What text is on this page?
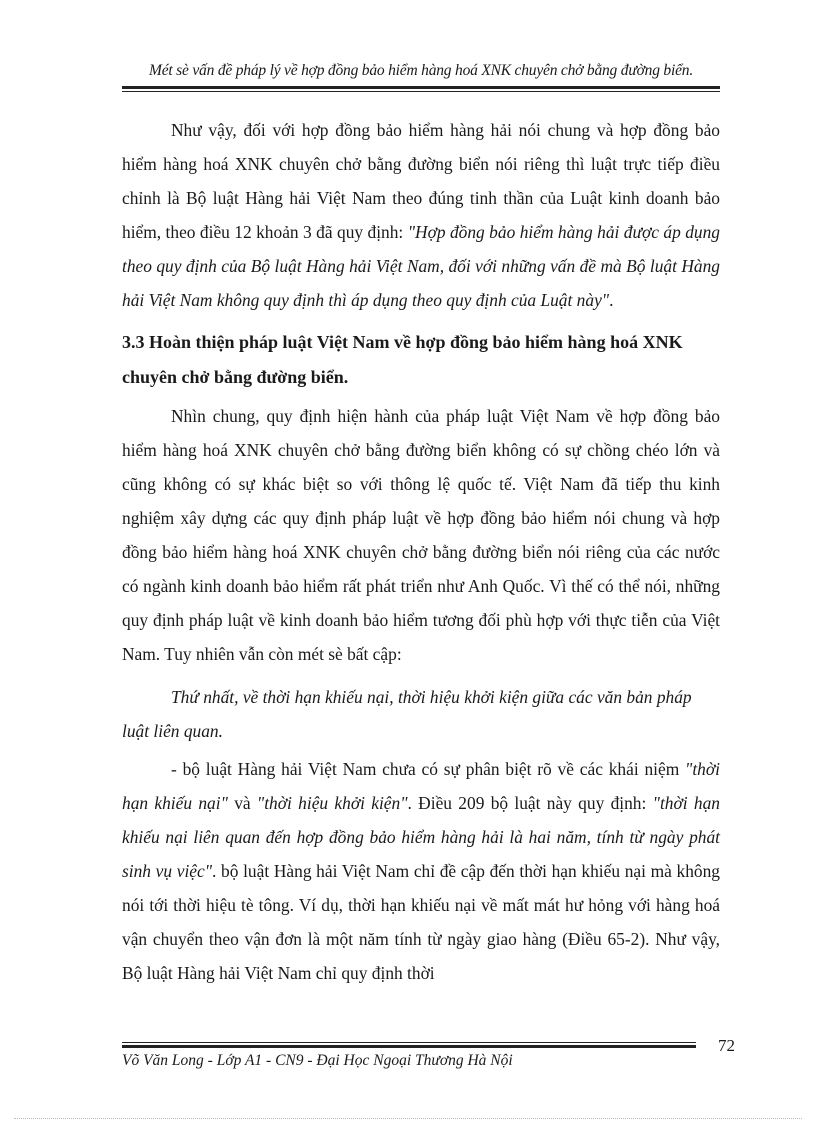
Mét sè vấn đề pháp lý về hợp đồng bảo hiểm hàng hoá XNK chuyên chở bằng đường biển.

Như vậy, đối với hợp đồng bảo hiểm hàng hải nói chung và hợp đồng bảo hiểm hàng hoá XNK chuyên chở bằng đường biển nói riêng thì luật trực tiếp điều chỉnh là Bộ luật Hàng hải Việt Nam theo đúng tinh thần của Luật kinh doanh bảo hiểm, theo điều 12 khoản 3 đã quy định: "Hợp đồng bảo hiểm hàng hải được áp dụng theo quy định của Bộ luật Hàng hải Việt Nam, đối với những vấn đề mà Bộ luật Hàng hải Việt Nam không quy định thì áp dụng theo quy định của Luật này".

3.3 Hoàn thiện pháp luật Việt Nam về hợp đồng bảo hiểm hàng hoá XNK chuyên chở bằng đường biển.

Nhìn chung, quy định hiện hành của pháp luật Việt Nam về hợp đồng bảo hiểm hàng hoá XNK chuyên chở bằng đường biển không có sự chồng chéo lớn và cũng không có sự khác biệt so với thông lệ quốc tế. Việt Nam đã tiếp thu kinh nghiệm xây dựng các quy định pháp luật về hợp đồng bảo hiểm nói chung và hợp đồng bảo hiểm hàng hoá XNK chuyên chở bằng đường biển nói riêng của các nước có ngành kinh doanh bảo hiểm rất phát triển như Anh Quốc. Vì thế có thể nói, những quy định pháp luật về kinh doanh bảo hiểm tương đối phù hợp với thực tiễn của Việt Nam. Tuy nhiên vẫn còn mét sè bất cập:

Thứ nhất, về thời hạn khiếu nại, thời hiệu khởi kiện giữa các văn bản pháp luật liên quan.

- bộ luật Hàng hải Việt Nam chưa có sự phân biệt rõ về các khái niệm "thời hạn khiếu nại" và "thời hiệu khởi kiện". Điều 209 bộ luật này quy định: "thời hạn khiếu nại liên quan đến hợp đồng bảo hiểm hàng hải là hai năm, tính từ ngày phát sinh vụ việc". bộ luật Hàng hải Việt Nam chỉ đề cập đến thời hạn khiếu nại mà không nói tới thời hiệu tè tông. Ví dụ, thời hạn khiếu nại về mất mát hư hỏng với hàng hoá vận chuyển theo vận đơn là một năm tính từ ngày giao hàng (Điều 65-2). Như vậy, Bộ luật Hàng hải Việt Nam chỉ quy định thời

72
Võ Văn Long - Lớp A1 - CN9 - Đại Học Ngoại Thương Hà Nội
